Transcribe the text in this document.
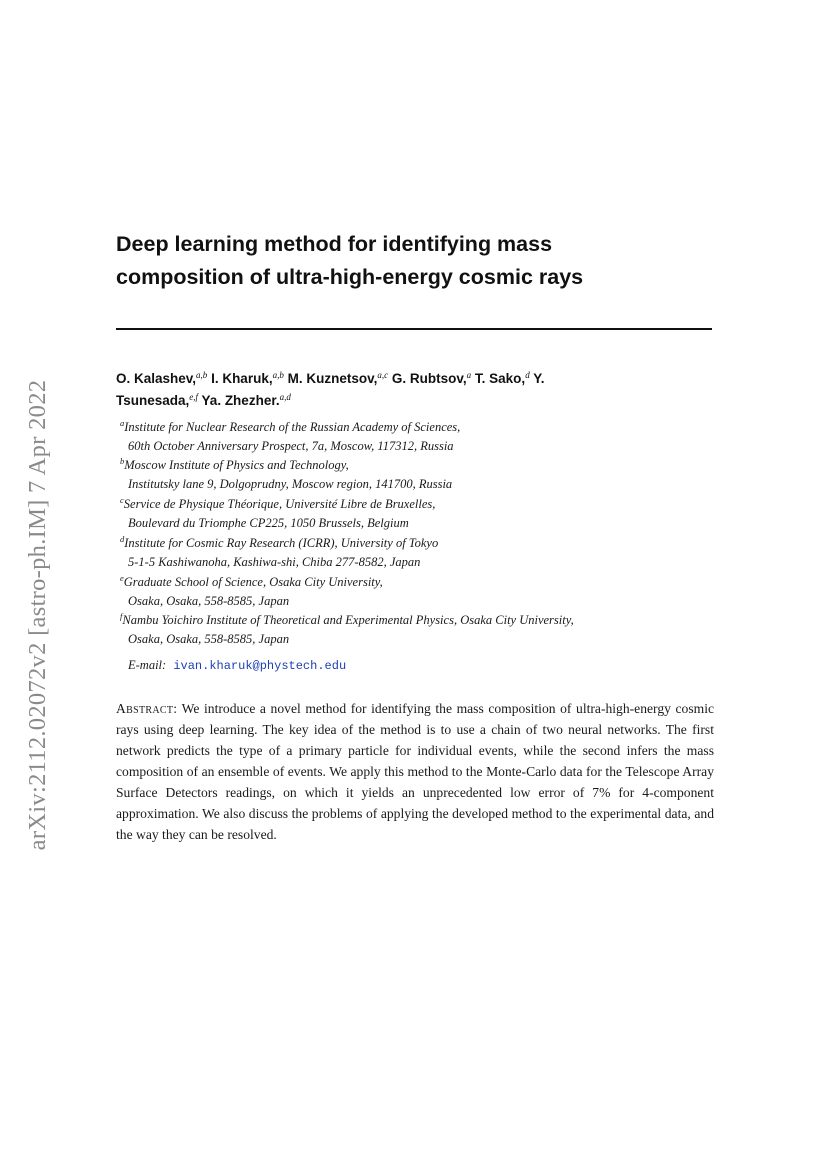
arXiv:2112.02072v2 [astro-ph.IM] 7 Apr 2022
Deep learning method for identifying mass
composition of ultra-high-energy cosmic rays
O. Kalashev,$^{a,b}$ I. Kharuk,$^{a,b}$ M. Kuznetsov,$^{a,c}$ G. Rubtsov,$^a$ T. Sako,$^d$ Y.
Tsunesada,$^{e,f}$ Ya. Zhezher.$^{a,d}$
$^a$Institute for Nuclear Research of the Russian Academy of Sciences,
60th October Anniversary Prospect, 7a, Moscow, 117312, Russia
$^b$Moscow Institute of Physics and Technology,
Institutsky lane 9, Dolgoprudny, Moscow region, 141700, Russia
$^c$Service de Physique Théorique, Université Libre de Bruxelles,
Boulevard du Triomphe CP225, 1050 Brussels, Belgium
$^d$Institute for Cosmic Ray Research (ICRR), University of Tokyo
5-1-5 Kashiwanoha, Kashiwa-shi, Chiba 277-8582, Japan
$^e$Graduate School of Science, Osaka City University,
Osaka, Osaka, 558-8585, Japan
$^f$Nambu Yoichiro Institute of Theoretical and Experimental Physics, Osaka City University,
Osaka, Osaka, 558-8585, Japan
E-mail: ivan.kharuk@phystech.edu

Abstract: We introduce a novel method for identifying the mass composition of ultra-high-energy cosmic rays using deep learning. The key idea of the method is to use a chain of two neural networks. The first network predicts the type of a primary particle for individual events, while the second infers the mass composition of an ensemble of events. We apply this method to the Monte-Carlo data for the Telescope Array Surface Detectors readings, on which it yields an unprecedented low error of 7% for 4-component approximation. We also discuss the problems of applying the developed method to the experimental data, and the way they can be resolved.
